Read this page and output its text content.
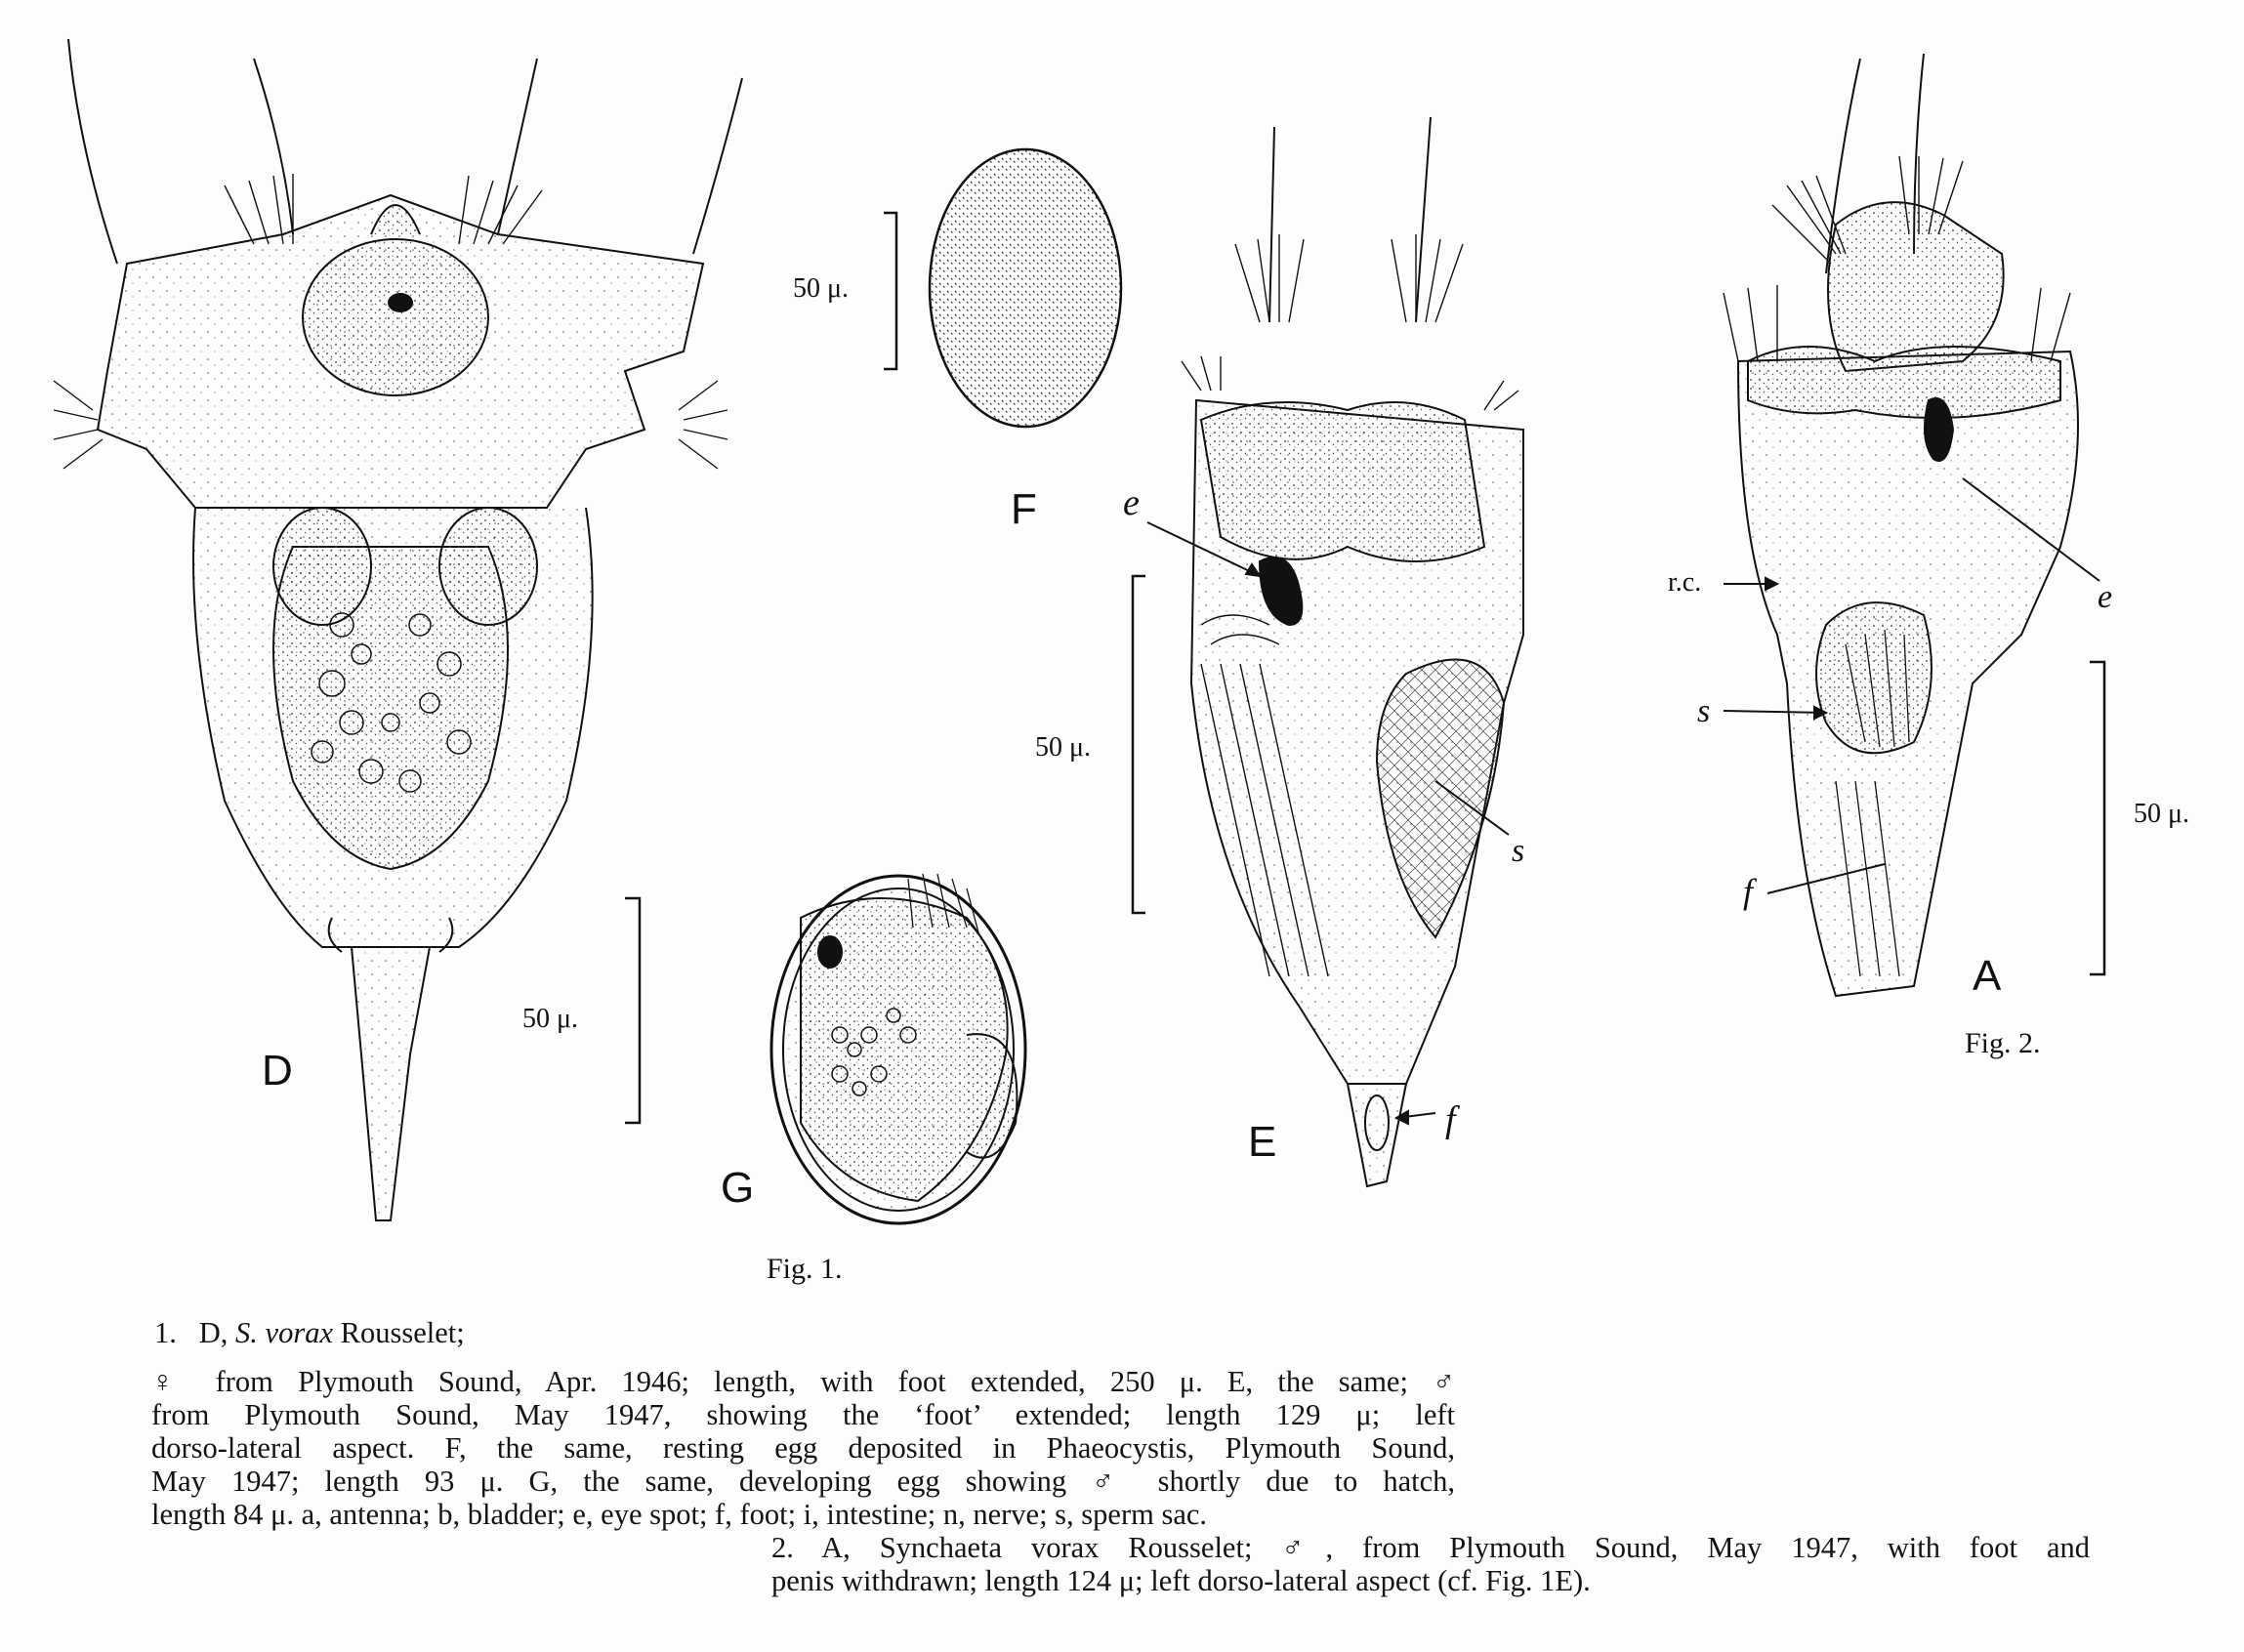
D
F
G
E
A
e
s
f
r.c.	e
s
f
50 μ.
50 μ.
50 μ.
50 μ.
Fig. 1.
Fig. 2.
1. D, S. vorax Rousselet;
♀ from Plymouth Sound, Apr. 1946; length, with foot extended, 250 μ. E, the same; ♂
from Plymouth Sound, May 1947, showing the ‘foot’ extended; length 129 μ; left
dorso-lateral aspect. F, the same, resting egg deposited in Phaeocystis, Plymouth Sound,
May 1947; length 93 μ. G, the same, developing egg showing ♂ shortly due to hatch,
length 84 μ. a, antenna; b, bladder; e, eye spot; f, foot; i, intestine; n, nerve; s, sperm sac.
2. A, Synchaeta vorax Rousselet; ♂, from Plymouth Sound, May 1947, with foot and
penis withdrawn; length 124 μ; left dorso-lateral aspect (cf. Fig. 1E).
